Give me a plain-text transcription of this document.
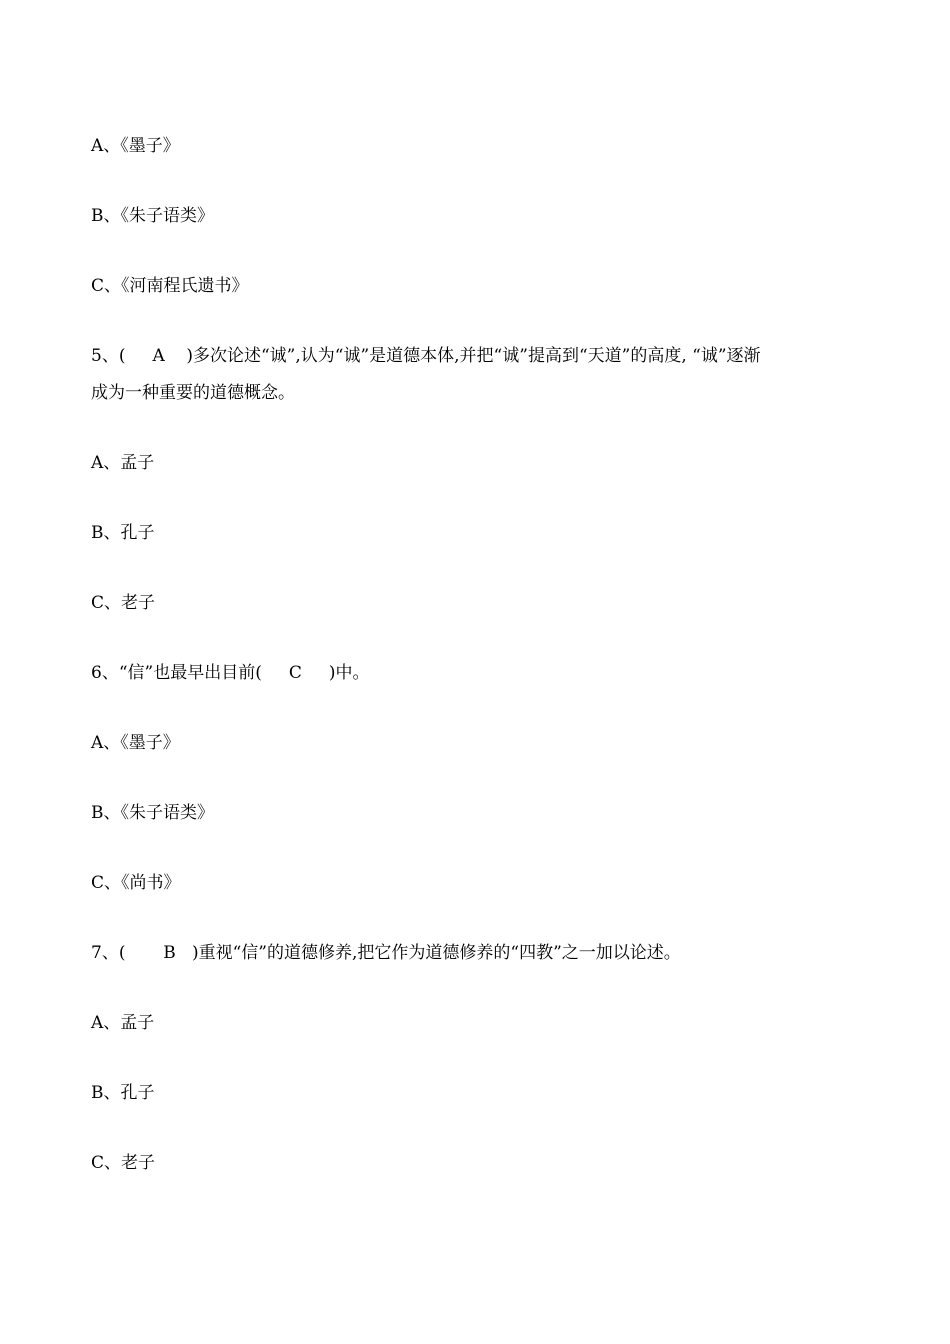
A、《墨子》

B、《朱子语类》

C、《河南程氏遗书》

5、(     A    )多次论述“诚”,认为“诚”是道德本体,并把“诚”提高到“天道”的高度, “诚”逐渐

成为一种重要的道德概念。

A、孟子

B、孔子

C、老子

6、“信”也最早出目前(     C     )中。

A、《墨子》

B、《朱子语类》

C、《尚书》

7、(       B   )重视“信”的道德修养,把它作为道德修养的“四教”之一加以论述。

A、孟子

B、孔子

C、老子
